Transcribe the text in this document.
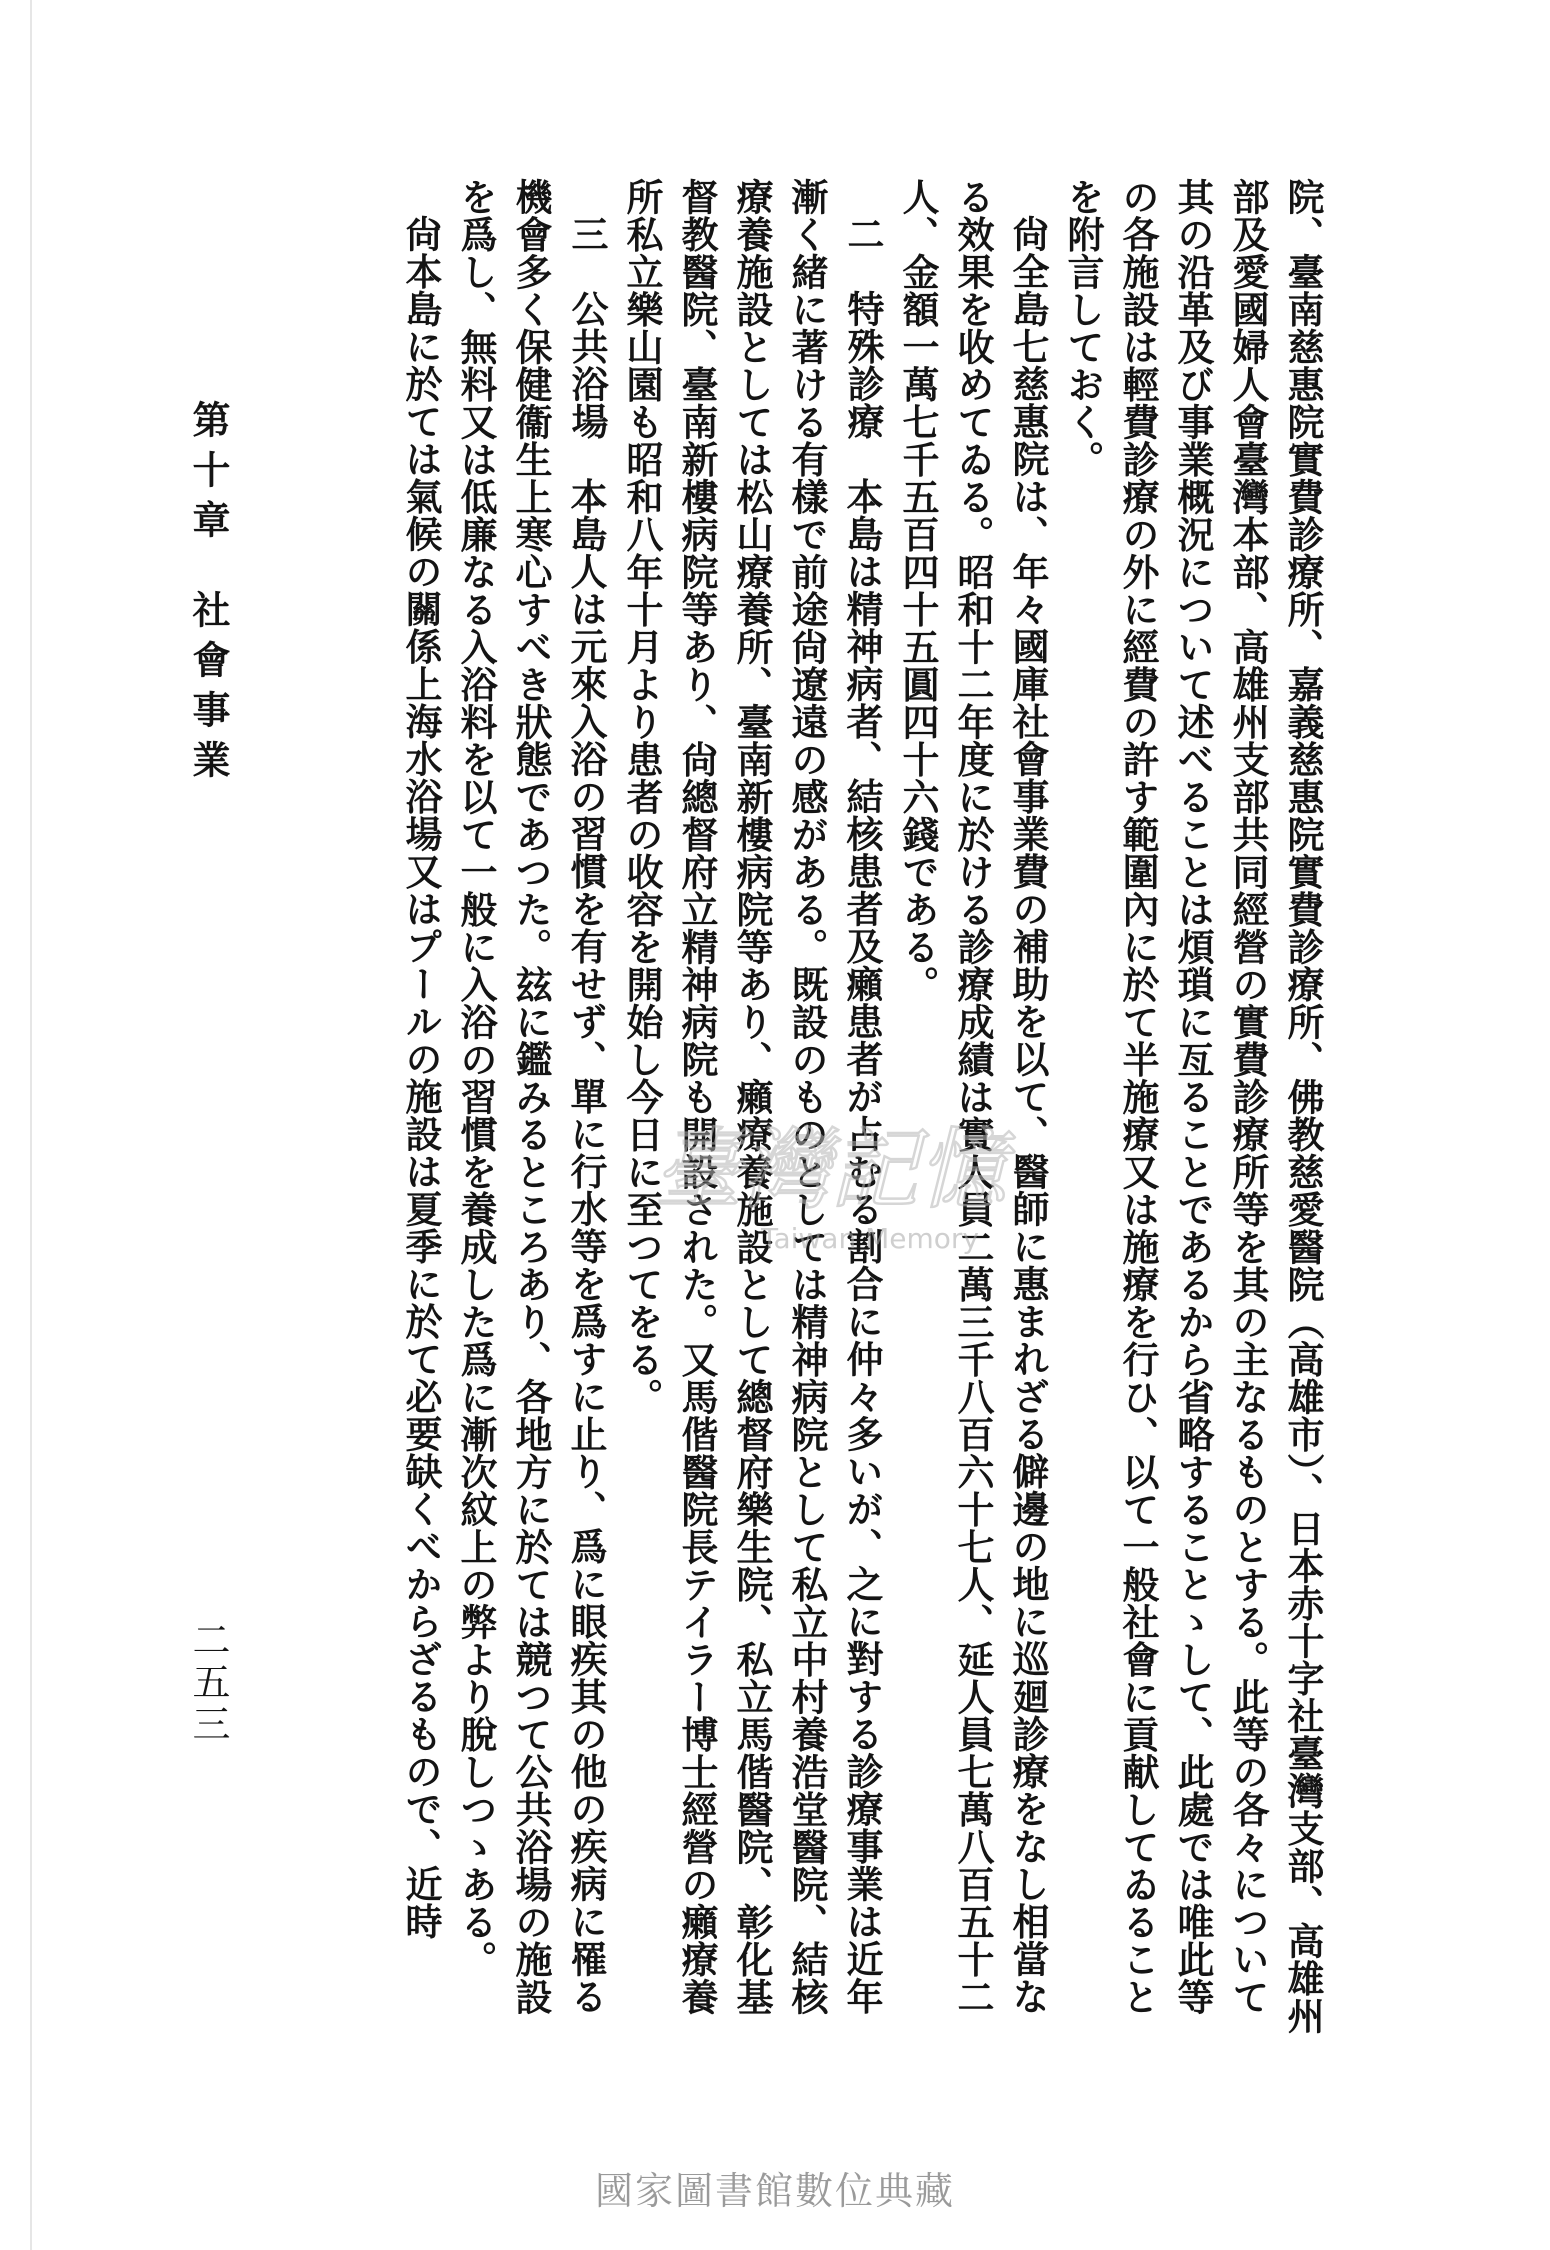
院、臺南慈惠院實費診療所、嘉義慈惠院實費診療所、佛教慈愛醫院（高雄市）、日本赤十字社臺灣支部、高雄州部及愛國婦人會臺灣本部、高雄州支部共同經營の實費診療所等を其の主なるものとする。此等の各々について其の沿革及び事業概況について述べることは煩瑣に亙ることであるから省略することゝして、此處では唯此等の各施設は輕費診療の外に經費の許す範圍內に於て半施療又は施療を行ひ、以て一般社會に貢献してゐることを附言しておく。

尙全島七慈惠院は、年々國庫社會事業費の補助を以て、醫師に惠まれざる僻邊の地に巡廻診療をなし相當なる效果を收めてゐる。昭和十二年度に於ける診療成績は實人員二萬三千八百六十七人、延人員七萬八百五十二人、金額一萬七千五百四十五圓四十六錢である。

二　特殊診療　本島は精神病者、結核患者及癩患者が占むる割合に仲々多いが、之に對する診療事業は近年漸く緒に著ける有樣で前途尙遼遠の感がある。既設のものとしては精神病院として私立中村養浩堂醫院、結核療養施設としては松山療養所、臺南新樓病院等あり、癩療養施設として總督府樂生院、私立馬偕醫院、彰化基督教醫院、臺南新樓病院等あり、尙總督府立精神病院も開設された。又馬偕醫院長テイラー博士經營の癩療養所私立樂山園も昭和八年十月より患者の收容を開始し今日に至つてをる。

三　公共浴場　本島人は元來入浴の習慣を有せず、單に行水等を爲すに止り、爲に眼疾其の他の疾病に罹る機會多く保健衞生上寒心すべき狀態であつた。玆に鑑みるところあり、各地方に於ては競つて公共浴場の施設を爲し、無料又は低廉なる入浴料を以て一般に入浴の習慣を養成した爲に漸次紋上の弊より脫しつゝある。

尙本島に於ては氣候の關係上海水浴場又はプールの施設は夏季に於て必要缺くべからざるもので、近時

第十章社會事業
二五三
臺灣記憶
Taiwan Memory
國家圖書館數位典藏
